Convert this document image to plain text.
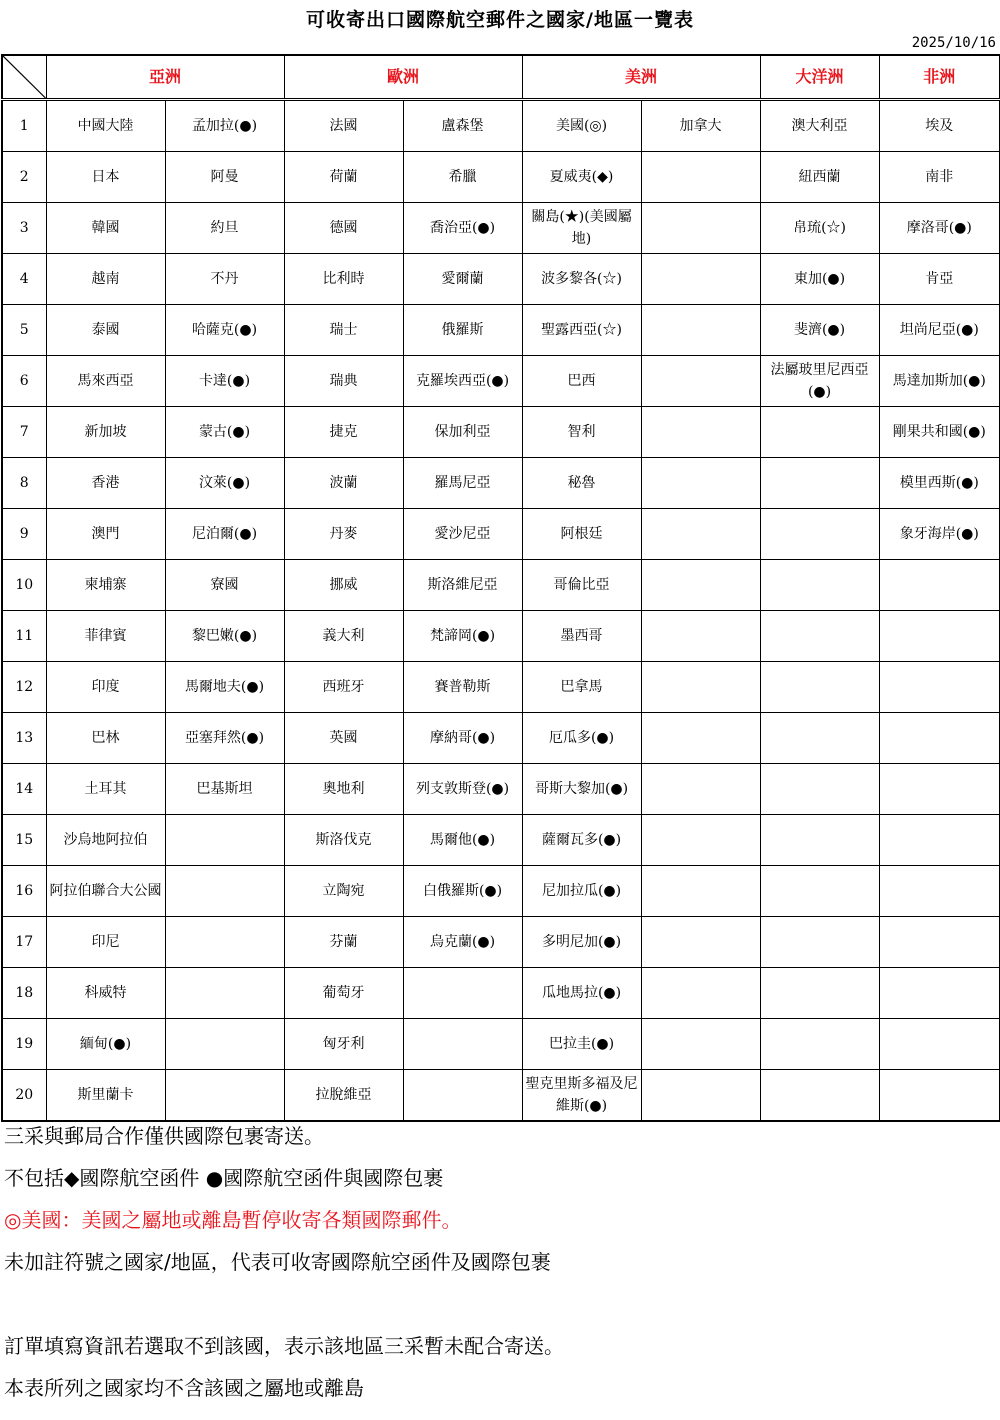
可收寄出口國際航空郵件之國家/地區一覽表
2025/10/16
	亞洲		歐洲		美洲		大洋洲	非洲
1	中國大陸	孟加拉(●)	法國	盧森堡	美國(◎)	加拿大	澳大利亞	埃及
2	日本	阿曼	荷蘭	希臘	夏威夷(◆)		紐西蘭	南非
3	韓國	約旦	德國	喬治亞(●)	關島(★)(美國屬地)		帛琉(☆)	摩洛哥(●)
4	越南	不丹	比利時	愛爾蘭	波多黎各(☆)		東加(●)	肯亞
5	泰國	哈薩克(●)	瑞士	俄羅斯	聖露西亞(☆)		斐濟(●)	坦尚尼亞(●)
6	馬來西亞	卡達(●)	瑞典	克羅埃西亞(●)	巴西		法屬玻里尼西亞(●)	馬達加斯加(●)
7	新加坡	蒙古(●)	捷克	保加利亞	智利			剛果共和國(●)
8	香港	汶萊(●)	波蘭	羅馬尼亞	秘魯			模里西斯(●)
9	澳門	尼泊爾(●)	丹麥	愛沙尼亞	阿根廷			象牙海岸(●)
10	柬埔寨	寮國	挪威	斯洛維尼亞	哥倫比亞			
11	菲律賓	黎巴嫩(●)	義大利	梵諦岡(●)	墨西哥			
12	印度	馬爾地夫(●)	西班牙	賽普勒斯	巴拿馬			
13	巴林	亞塞拜然(●)	英國	摩納哥(●)	厄瓜多(●)			
14	土耳其	巴基斯坦	奧地利	列支敦斯登(●)	哥斯大黎加(●)			
15	沙烏地阿拉伯		斯洛伐克	馬爾他(●)	薩爾瓦多(●)			
16	阿拉伯聯合大公國		立陶宛	白俄羅斯(●)	尼加拉瓜(●)			
17	印尼		芬蘭	烏克蘭(●)	多明尼加(●)			
18	科威特		葡萄牙		瓜地馬拉(●)			
19	緬甸(●)		匈牙利		巴拉圭(●)			
20	斯里蘭卡		拉脫維亞		聖克里斯多福及尼維斯(●)			
三采與郵局合作僅供國際包裹寄送。
不包括◆國際航空函件 ●國際航空函件與國際包裹
◎美國：美國之屬地或離島暫停收寄各類國際郵件。
未加註符號之國家/地區，代表可收寄國際航空函件及國際包裹
訂單填寫資訊若選取不到該國，表示該地區三采暫未配合寄送。
本表所列之國家均不含該國之屬地或離島
